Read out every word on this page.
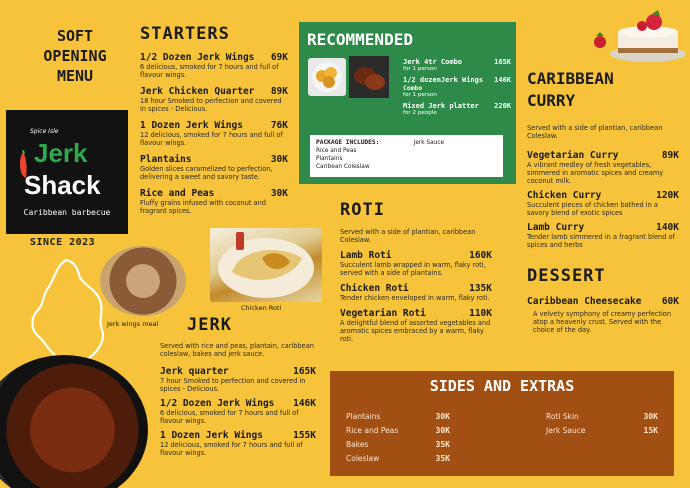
SOFT
OPENING
MENU
Spice Isle
Jerk
Shack
Caribbean barbecue
SINCE 2023
STARTERS
1/2 Dozen Jerk Wings 69K
6 delicious, smoked for 7 hours and full of flavour wings.
Jerk Chicken Quarter 89K
18 hour Smoked to perfection and covered in spices - Delicious.
1 Dozen Jerk Wings	76K
12 delicious, smoked for 7 hours and full of flavour wings.
Plantains	30K
Golden slices caramelized to perfection, delivering a sweet and savory taste.
Rice and Peas	30K
Fluffy grains infused with coconut and fragrant spices.
RECOMMENDED
Jerk 4tr Combo
for 1 person
165K
1/2 dozenJerk Wings
Combo
for 1 person
146K
Mixed Jerk platter
for 2 people
220K
PACKAGE INCLUDES:
Rice and Peas
Plantains
Caribean Coleslaw
Jerk Sauce
CARIBBEAN
CURRY
Served with a side of plantian, caribbean Coleslaw.
Vegetarian Curry	89K
A vibrant medley of fresh vegetables, simmered in aromatic spices and creamy coconut milk.
Chicken Curry	120K
Succulent pieces of chicken bathed in a savory blend of exotic spices
Lamb Curry	140K
Tender lamb simmered in a fragrant blend of spices and herbs
DESSERT
Caribbean Cheesecake 60K
A velvety symphony of creamy perfection atop a heavenly crust. Served with the choice of the day.
ROTI
Served with a side of plantian, caribbean Coleslaw.
Lamb Roti	160K
Succulent lamb wrapped in warm, flaky roti, served with a side of plantains.
Chicken Roti	135K
Tender chicken enveloped in warm, flaky roti.
Vegetarian Roti	110K
A delightful blend of assorted vegetables and aromatic spices embraced by a warm, flaky roti.
Jerk wings meal
Chicken Roti
JERK
Served with rice and peas, plantain, caribbean coleslaw, bakes and jerk sauce.
Jerk quarter	165K
7 hour Smoked to perfection and covered in spices - Delicious.
1/2 Dozen Jerk Wings 146K
6 delicious, smoked for 7 hours and full of flavour wings.
1 Dozen Jerk Wings	155K
12 delicious, smoked for 7 hours and full of flavour wings.
SIDES AND EXTRAS
Plantains	30K
Rice and Peas	30K
Bakes	35K
Coleslaw	35K
Roti Skin	30K
Jerk Sauce	15K
